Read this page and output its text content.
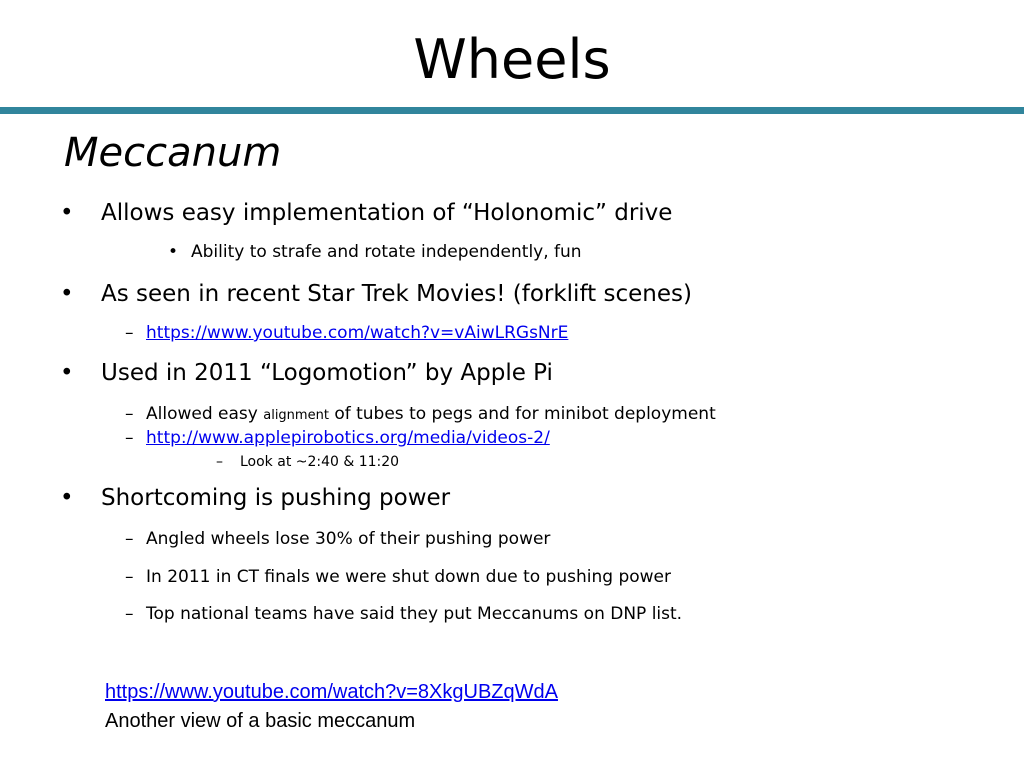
Wheels
Meccanum
• Allows easy implementation of “Holonomic” drive
• Ability to strafe and rotate independently, fun
• As seen in recent Star Trek Movies! (forklift scenes)
– https://www.youtube.com/watch?v=vAiwLRGsNrE
• Used in 2011 “Logomotion” by Apple Pi
– Allowed easy alignment of tubes to pegs and for minibot deployment
– http://www.applepirobotics.org/media/videos-2/
– Look at ~2:40 & 11:20
• Shortcoming is pushing power
– Angled wheels lose 30% of their pushing power
– In 2011 in CT finals we were shut down due to pushing power
– Top national teams have said they put Meccanums on DNP list.
https://www.youtube.com/watch?v=8XkgUBZqWdA
Another view of a basic meccanum
